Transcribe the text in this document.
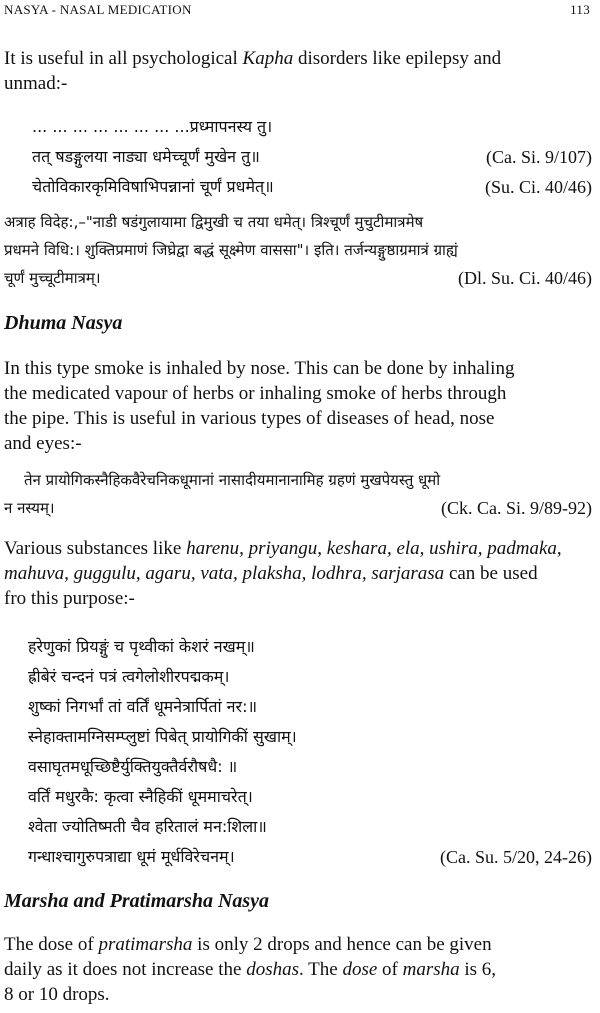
NASYA - NASAL MEDICATION	113
It is useful in all psychological Kapha disorders like epilepsy and
unmad:-
... ... ... ... ... ... ... ...प्रध्मापनस्य तु।
तत् षडङ्गुलया नाड्या धमेच्चूर्णं मुखेन तु॥	(Ca. Si. 9/107)
चेतोविकारकृमिविषाभिपन्नानां चूर्णं प्रधमेत्॥	(Su. Ci. 40/46)
अत्राह विदेह:,–"नाडी षडंगुलायामा द्विमुखी च तया धमेत्। त्रिश्चूर्णं मुचुटीमात्रमेष
प्रधमने विधि:। शुक्तिप्रमाणं जिघ्रेद्वा बद्धं सूक्ष्मेण वाससा"। इति। तर्जन्यङ्गुष्ठाग्रमात्रं ग्राह्यं
चूर्णं मुच्चूटीमात्रम्।	(Dl. Su. Ci. 40/46)
Dhuma Nasya
In this type smoke is inhaled by nose. This can be done by inhaling
the medicated vapour of herbs or inhaling smoke of herbs through
the pipe. This is useful in various types of diseases of head, nose
and eyes:-
तेन प्रायोगिकस्नैहिकवैरेचनिकधूमानां नासादीयमानानामिह ग्रहणं मुखपेयस्तु धूमो
न नस्यम्।	(Ck. Ca. Si. 9/89-92)
Various substances like harenu, priyangu, keshara, ela, ushira, padmaka,
mahuva, guggulu, agaru, vata, plaksha, lodhra, sarjarasa can be used
fro this purpose:-
हरेणुकां प्रियङ्गुं च पृथ्वीकां केशरं नखम्॥
ह्रीबेरं चन्दनं पत्रं त्वगेलोशीरपद्मकम्।
शुष्कां निगर्भां तां वर्तिं धूमनेत्रार्पितां नर:॥
स्नेहाक्तामग्निसम्प्लुष्टां पिबेत् प्रायोगिकीं सुखाम्।
वसाघृतमधूच्छिष्टैर्युक्तियुक्तैर्वरौषधै: ॥
वर्तिं मधुरकै: कृत्वा स्नैहिकीं धूममाचरेत्।
श्वेता ज्योतिष्मती चैव हरितालं मन:शिला॥
गन्धाश्चागुरुपत्राद्या धूमं मूर्धविरेचनम्।	(Ca. Su. 5/20, 24-26)
Marsha and Pratimarsha Nasya
The dose of pratimarsha is only 2 drops and hence can be given
daily as it does not increase the doshas. The dose of marsha is 6,
8 or 10 drops.
